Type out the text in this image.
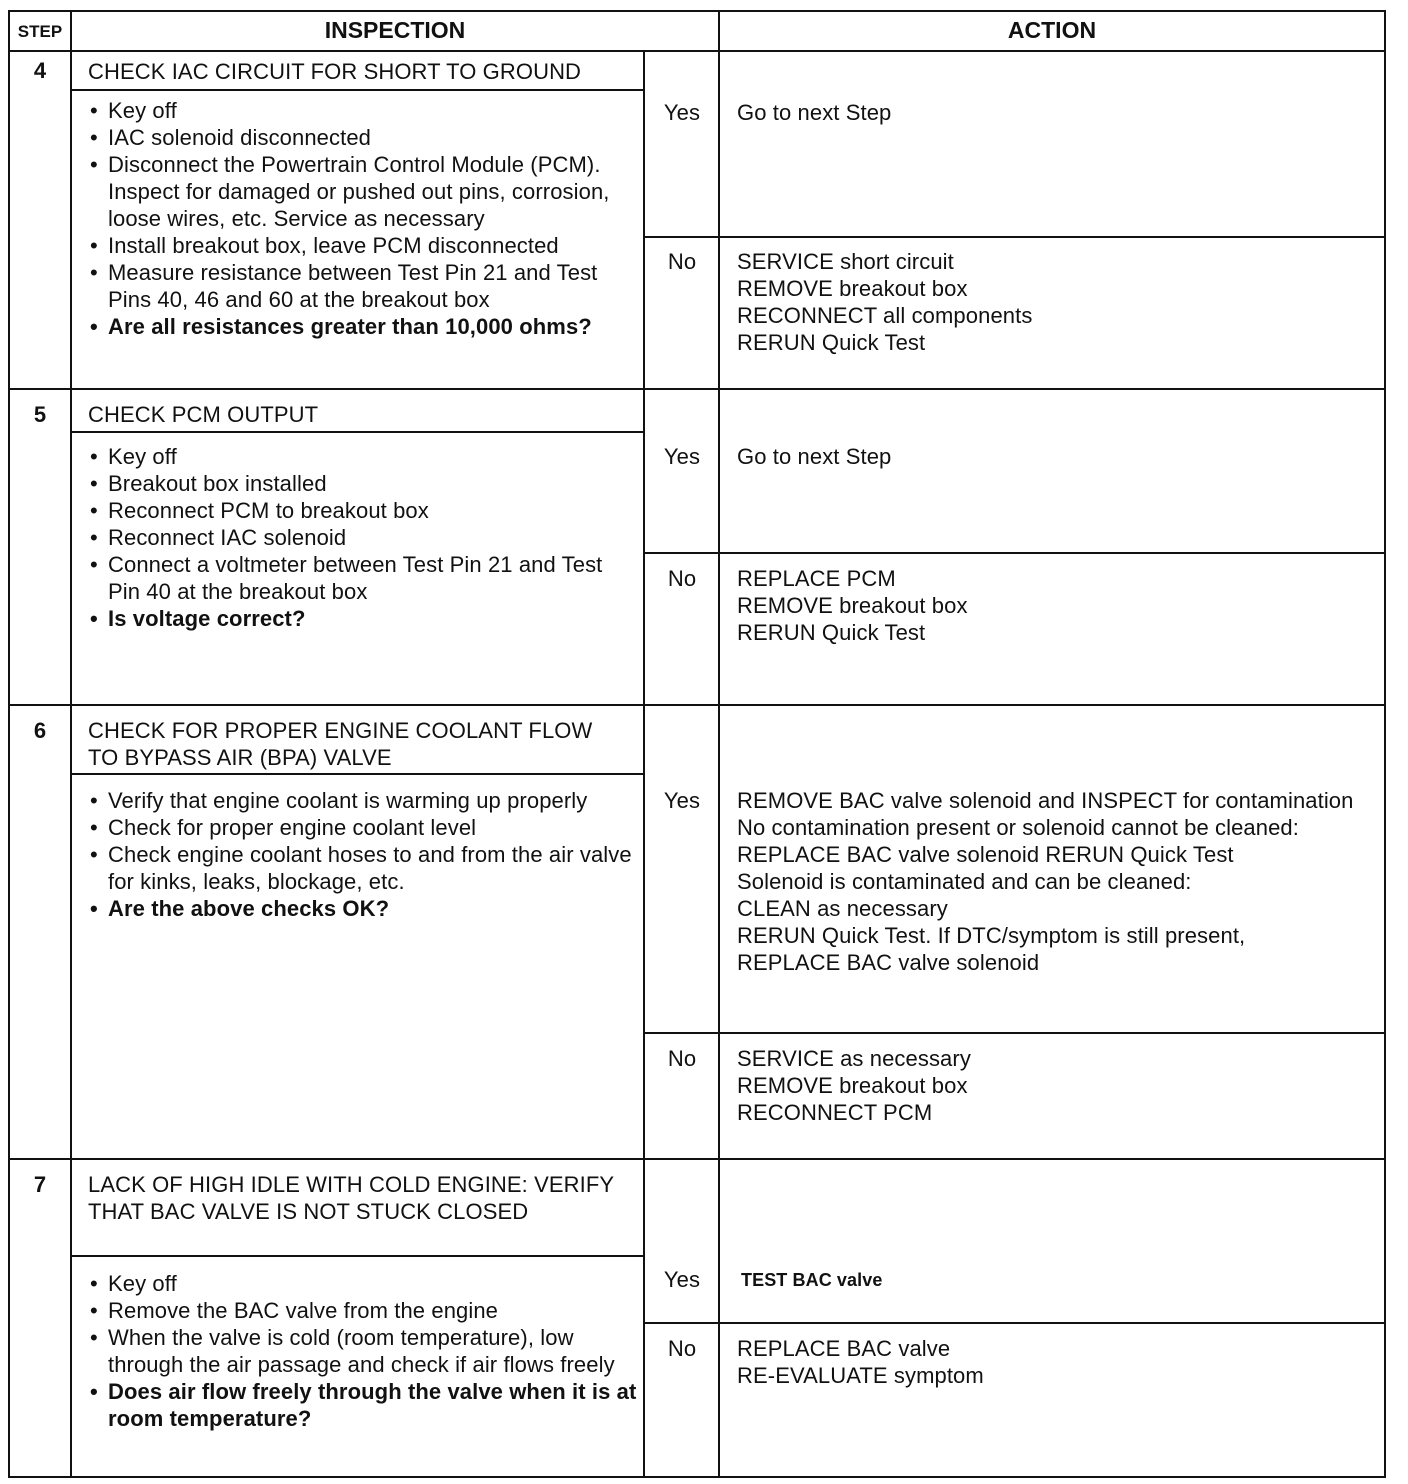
STEP	INSPECTION	ACTION
4	CHECK IAC CIRCUIT FOR SHORT TO GROUND
• Key off
• IAC solenoid disconnected
• Disconnect the Powertrain Control Module (PCM). Inspect for damaged or pushed out pins, corrosion, loose wires, etc. Service as necessary
• Install breakout box, leave PCM disconnected
• Measure resistance between Test Pin 21 and Test Pins 40, 46 and 60 at the breakout box
• Are all resistances greater than 10,000 ohms?
Yes	Go to next Step
No	SERVICE short circuit
REMOVE breakout box
RECONNECT all components
RERUN Quick Test
5	CHECK PCM OUTPUT
• Key off
• Breakout box installed
• Reconnect PCM to breakout box
• Reconnect IAC solenoid
• Connect a voltmeter between Test Pin 21 and Test Pin 40 at the breakout box
• Is voltage correct?
Yes	Go to next Step
No	REPLACE PCM
REMOVE breakout box
RERUN Quick Test
6	CHECK FOR PROPER ENGINE COOLANT FLOW TO BYPASS AIR (BPA) VALVE
• Verify that engine coolant is warming up properly
• Check for proper engine coolant level
• Check engine coolant hoses to and from the air valve for kinks, leaks, blockage, etc.
• Are the above checks OK?
Yes	REMOVE BAC valve solenoid and INSPECT for contamination
No contamination present or solenoid cannot be cleaned:
REPLACE BAC valve solenoid RERUN Quick Test
Solenoid is contaminated and can be cleaned:
CLEAN as necessary
RERUN Quick Test. If DTC/symptom is still present,
REPLACE BAC valve solenoid
No	SERVICE as necessary
REMOVE breakout box
RECONNECT PCM
7	LACK OF HIGH IDLE WITH COLD ENGINE: VERIFY THAT BAC VALVE IS NOT STUCK CLOSED
• Key off
• Remove the BAC valve from the engine
• When the valve is cold (room temperature), low through the air passage and check if air flows freely
• Does air flow freely through the valve when it is at room temperature?
Yes	TEST BAC valve
No	REPLACE BAC valve
RE-EVALUATE symptom
